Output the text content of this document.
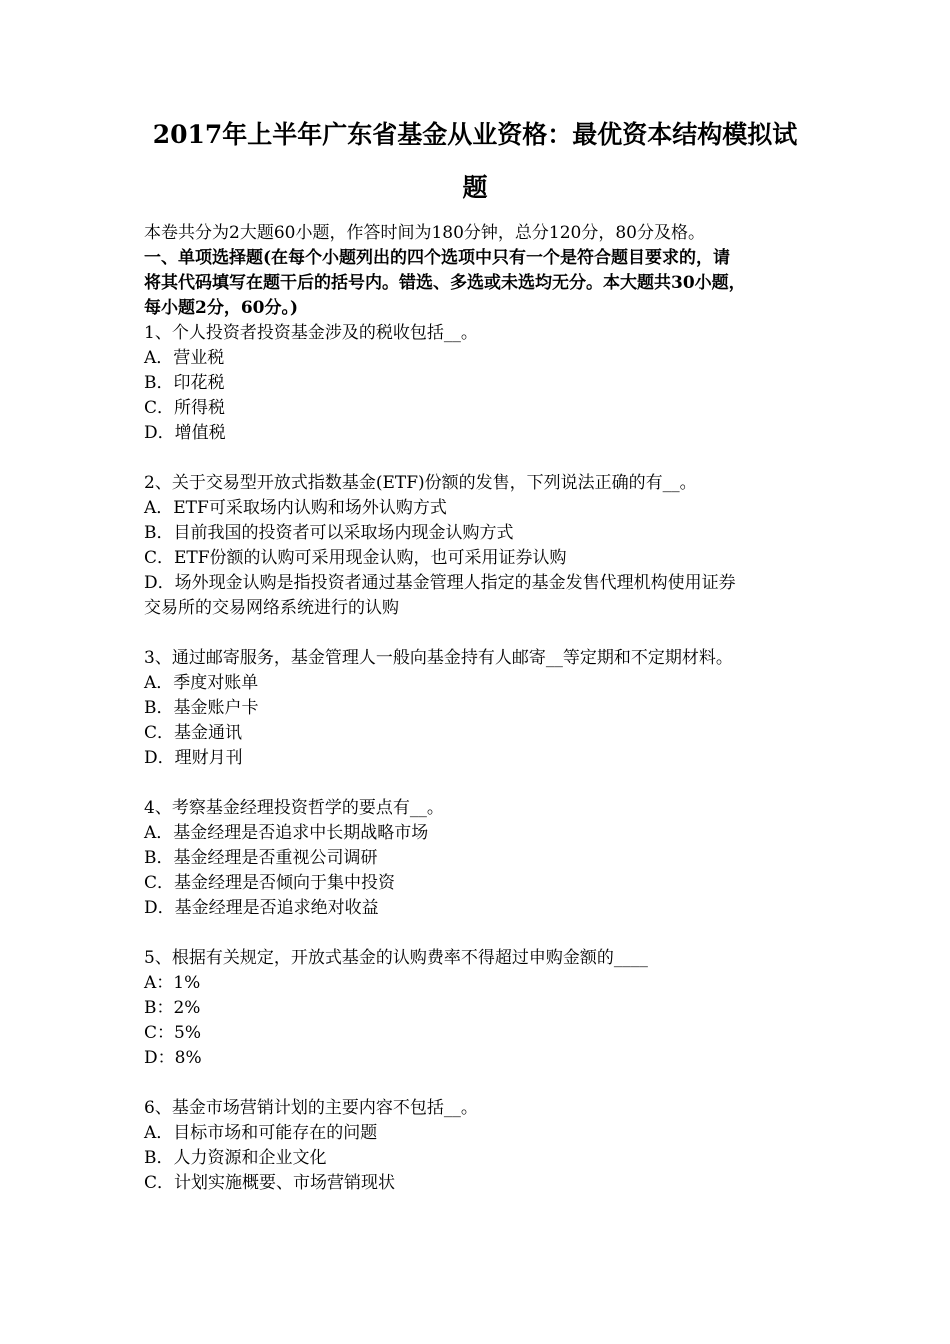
2017年上半年广东省基金从业资格：最优资本结构模拟试
题
本卷共分为2大题60小题，作答时间为180分钟，总分120分，80分及格。
一、单项选择题(在每个小题列出的四个选项中只有一个是符合题目要求的，请
将其代码填写在题干后的括号内。错选、多选或未选均无分。本大题共30小题，
每小题2分，60分。)
1、个人投资者投资基金涉及的税收包括__。
A．营业税
B．印花税
C．所得税
D．增值税
2、关于交易型开放式指数基金(ETF)份额的发售，下列说法正确的有__。
A．ETF可采取场内认购和场外认购方式
B．目前我国的投资者可以采取场内现金认购方式
C．ETF份额的认购可采用现金认购，也可采用证券认购
D．场外现金认购是指投资者通过基金管理人指定的基金发售代理机构使用证券
交易所的交易网络系统进行的认购
3、通过邮寄服务，基金管理人一般向基金持有人邮寄__等定期和不定期材料。
A．季度对账单
B．基金账户卡
C．基金通讯
D．理财月刊
4、考察基金经理投资哲学的要点有__。
A．基金经理是否追求中长期战略市场
B．基金经理是否重视公司调研
C．基金经理是否倾向于集中投资
D．基金经理是否追求绝对收益
5、根据有关规定，开放式基金的认购费率不得超过申购金额的____
A：1%
B：2%
C：5%
D：8%
6、基金市场营销计划的主要内容不包括__。
A．目标市场和可能存在的问题
B．人力资源和企业文化
C．计划实施概要、市场营销现状
